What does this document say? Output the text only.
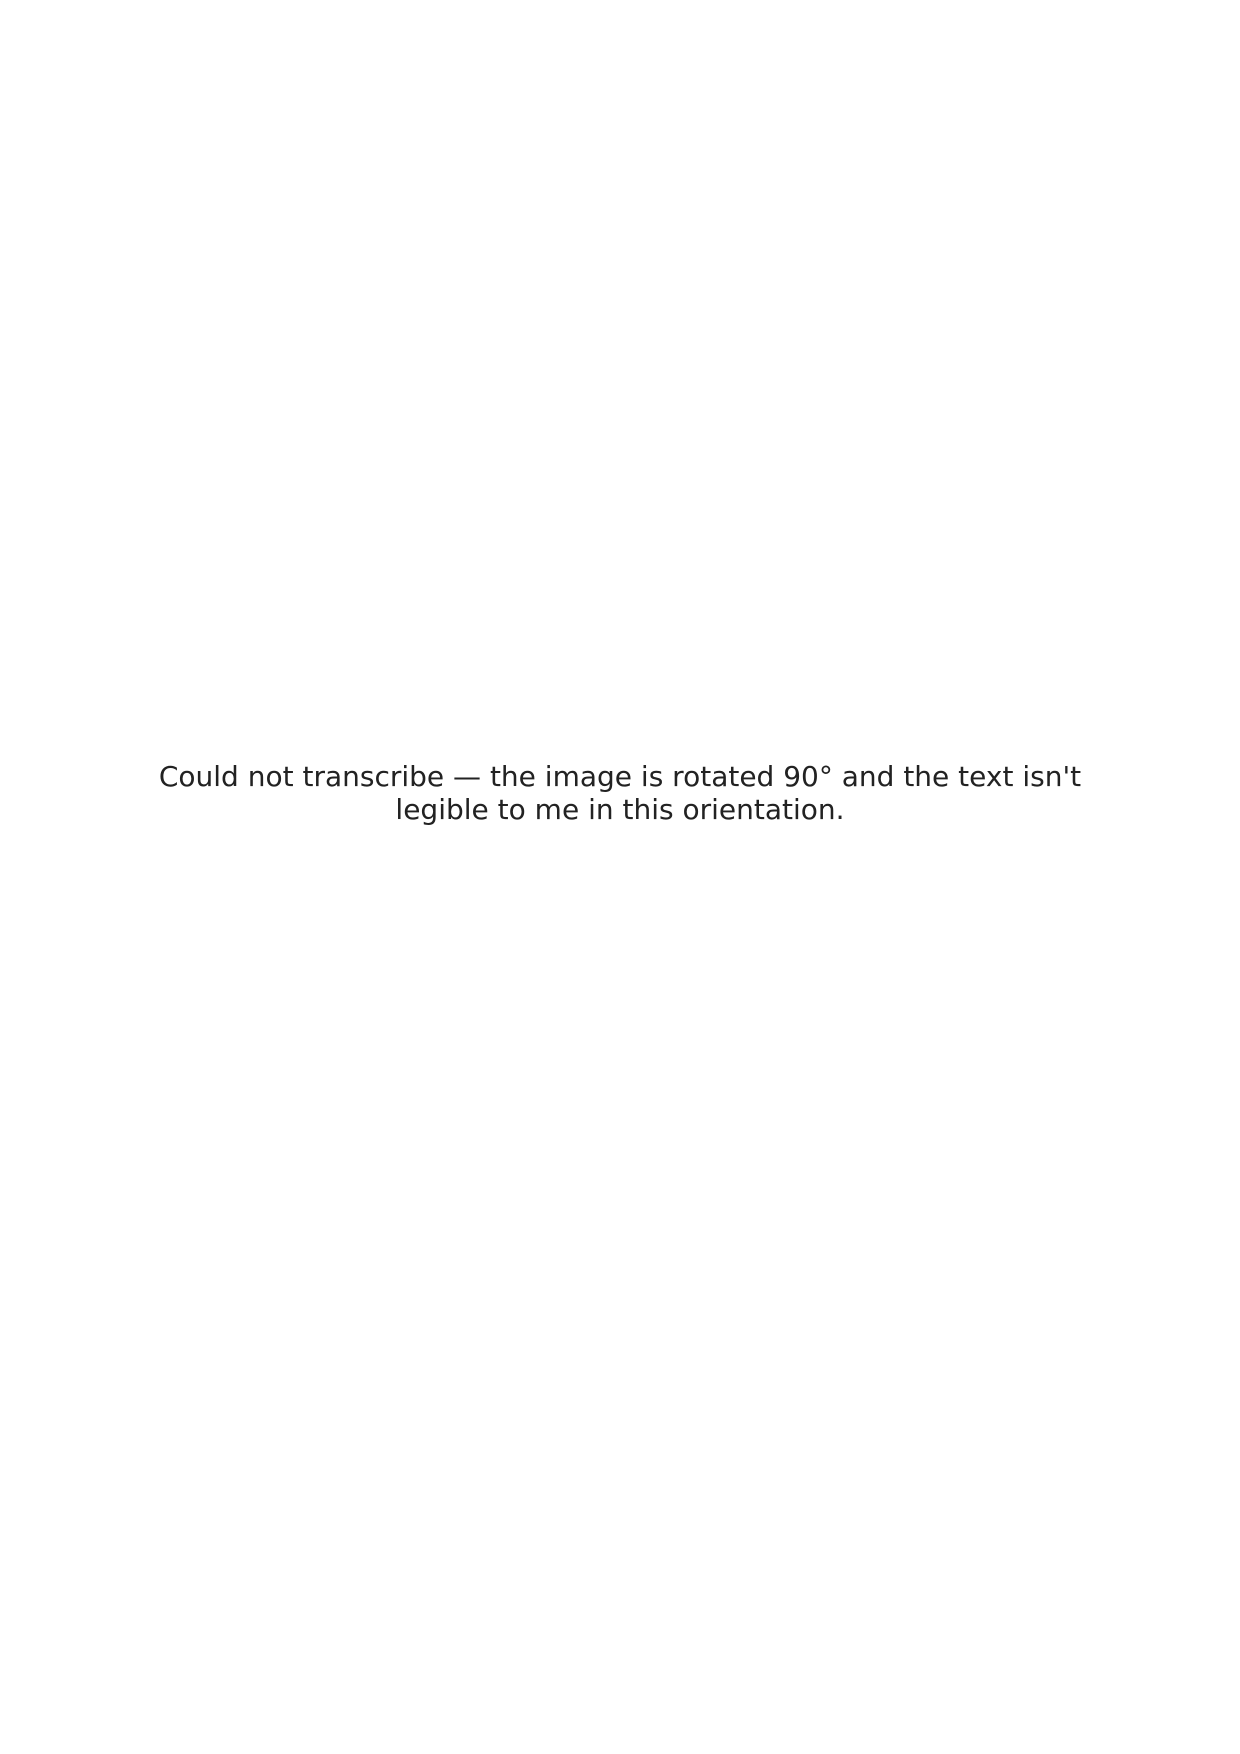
Could not transcribe — the image is rotated 90° and the text isn't legible to me in this orientation.
